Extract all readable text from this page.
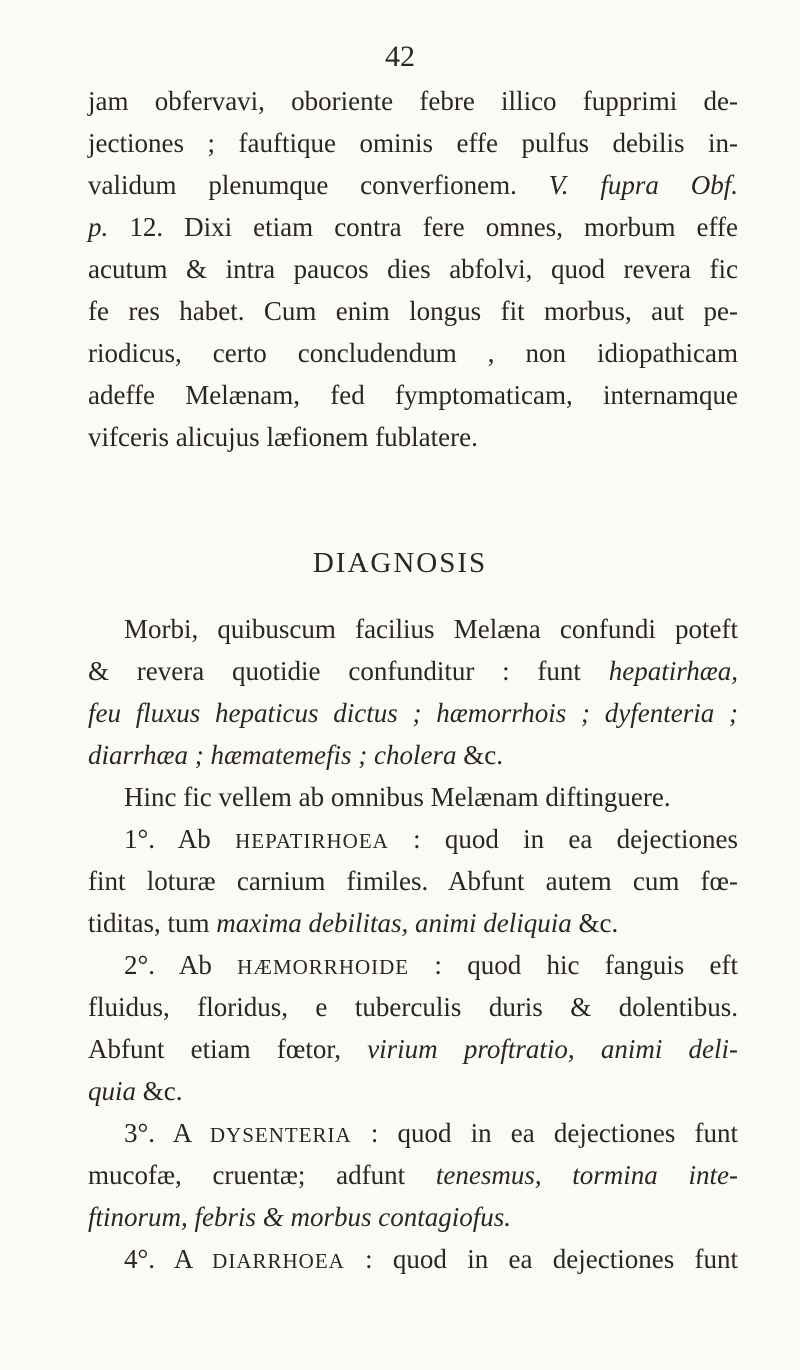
42
jam obfervavi, oboriente febre illico fupprimi de-
jectiones ; fauftique ominis effe pulfus debilis in-
validum plenumque converfionem. V. fupra Obf.
p. 12. Dixi etiam contra fere omnes, morbum effe
acutum & intra paucos dies abfolvi, quod revera fic
fe res habet. Cum enim longus fit morbus, aut pe-
riodicus, certo concludendum , non idiopathicam
adeffe Melænam, fed fymptomaticam, internamque
vifceris alicujus læfionem fublatere.
DIAGNOSIS
Morbi, quibuscum facilius Melæna confundi poteft
& revera quotidie confunditur : funt hepatirhæa,
feu fluxus hepaticus dictus ; hæmorrhois ; dyfenteria ;
diarrhæa ; hæmatemefis ; cholera &c.
Hinc fic vellem ab omnibus Melænam diftinguere.
1°. Ab HEPATIRHOEA : quod in ea dejectiones
fint loturæ carnium fimiles. Abfunt autem cum fœ-
tiditas, tum maxima debilitas, animi deliquia &c.
2°. Ab HÆMORRHOIDE : quod hic fanguis eft
fluidus, floridus, e tuberculis duris & dolentibus.
Abfunt etiam fœtor, virium proftratio, animi deli-
quia &c.
3°. A DYSENTERIA : quod in ea dejectiones funt
mucofæ, cruentæ; adfunt tenesmus, tormina inte-
ftinorum, febris & morbus contagiofus.
4°. A DIARRHOEA : quod in ea dejectiones funt
